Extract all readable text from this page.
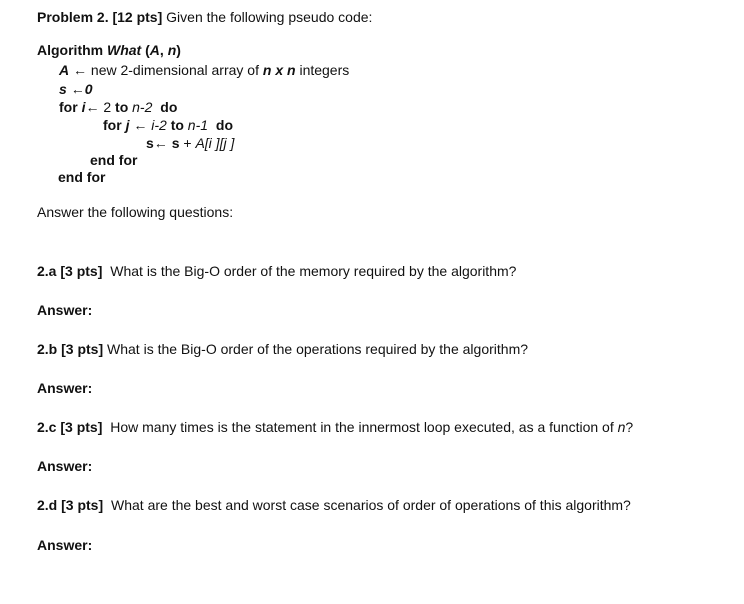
Problem 2. [12 pts] Given the following pseudo code:
Algorithm What (A, n)
A ← new 2-dimensional array of n x n integers
s ←0
for i← 2 to n-2 do
for j ← i-2 to n-1 do
s← s + A[i ][j ]
end for
end for
Answer the following questions:
2.a [3 pts] What is the Big-O order of the memory required by the algorithm?
Answer:
2.b [3 pts] What is the Big-O order of the operations required by the algorithm?
Answer:
2.c [3 pts] How many times is the statement in the innermost loop executed, as a function of n?
Answer:
2.d [3 pts] What are the best and worst case scenarios of order of operations of this algorithm?
Answer:
